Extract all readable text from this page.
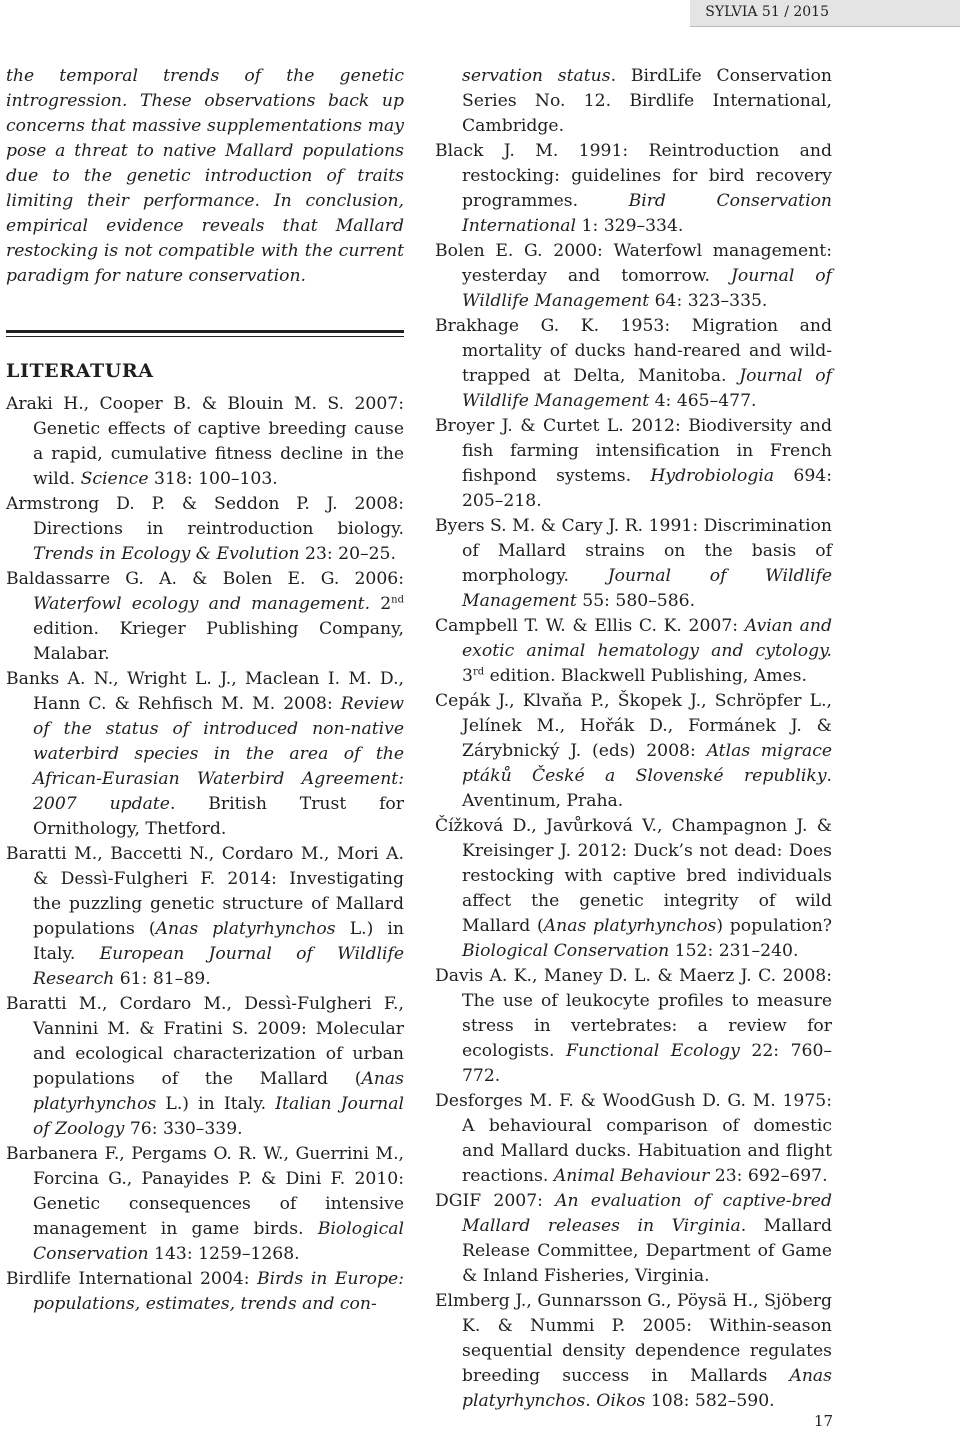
SYLVIA 51 / 2015

the temporal trends of the genetic introgression. These observations back up concerns that massive supplementations may pose a threat to native Mallard populations due to the genetic introduction of traits limiting their performance. In conclusion, empirical evidence reveals that Mallard restocking is not compatible with the current paradigm for nature conservation.

LITERATURA

Araki H., Cooper B. & Blouin M. S. 2007: Genetic effects of captive breeding cause a rapid, cumulative fitness decline in the wild. Science 318: 100–103.

Armstrong D. P. & Seddon P. J. 2008: Directions in reintroduction biology. Trends in Ecology & Evolution 23: 20–25.

Baldassarre G. A. & Bolen E. G. 2006: Waterfowl ecology and management. 2nd edition. Krieger Publishing Company, Malabar.

Banks A. N., Wright L. J., Maclean I. M. D., Hann C. & Rehfisch M. M. 2008: Review of the status of introduced non-native waterbird species in the area of the African-Eurasian Waterbird Agreement: 2007 update. British Trust for Ornithology, Thetford.

Baratti M., Baccetti N., Cordaro M., Mori A. & Dessì-Fulgheri F. 2014: Investigating the puzzling genetic structure of Mallard populations (Anas platyrhynchos L.) in Italy. European Journal of Wildlife Research 61: 81–89.

Baratti M., Cordaro M., Dessì-Fulgheri F., Vannini M. & Fratini S. 2009: Molecular and ecological characterization of urban populations of the Mallard (Anas platyrhynchos L.) in Italy. Italian Journal of Zoology 76: 330–339.

Barbanera F., Pergams O. R. W., Guerrini M., Forcina G., Panayides P. & Dini F. 2010: Genetic consequences of intensive management in game birds. Biological Conservation 143: 1259–1268.

Birdlife International 2004: Birds in Europe: populations, estimates, trends and con-

servation status. BirdLife Conservation Series No. 12. Birdlife International, Cambridge.

Black J. M. 1991: Reintroduction and restocking: guidelines for bird recovery programmes. Bird Conservation International 1: 329–334.

Bolen E. G. 2000: Waterfowl management: yesterday and tomorrow. Journal of Wildlife Management 64: 323–335.

Brakhage G. K. 1953: Migration and mortality of ducks hand-reared and wild-trapped at Delta, Manitoba. Journal of Wildlife Management 4: 465–477.

Broyer J. & Curtet L. 2012: Biodiversity and fish farming intensification in French fishpond systems. Hydrobiologia 694: 205–218.

Byers S. M. & Cary J. R. 1991: Discrimination of Mallard strains on the basis of morphology. Journal of Wildlife Management 55: 580–586.

Campbell T. W. & Ellis C. K. 2007: Avian and exotic animal hematology and cytology. 3rd edition. Blackwell Publishing, Ames.

Cepák J., Klvaňa P., Škopek J., Schröpfer L., Jelínek M., Hořák D., Formánek J. & Zárybnický J. (eds) 2008: Atlas migrace ptáků České a Slovenské republiky. Aventinum, Praha.

Čížková D., Javůrková V., Champagnon J. & Kreisinger J. 2012: Duck’s not dead: Does restocking with captive bred individuals affect the genetic integrity of wild Mallard (Anas platyrhynchos) population? Biological Conservation 152: 231–240.

Davis A. K., Maney D. L. & Maerz J. C. 2008: The use of leukocyte profiles to measure stress in vertebrates: a review for ecologists. Functional Ecology 22: 760–772.

Desforges M. F. & WoodGush D. G. M. 1975: A behavioural comparison of domestic and Mallard ducks. Habituation and flight reactions. Animal Behaviour 23: 692–697.

DGIF 2007: An evaluation of captive-bred Mallard releases in Virginia. Mallard Release Committee, Department of Game & Inland Fisheries, Virginia.

Elmberg J., Gunnarsson G., Pöysä H., Sjöberg K. & Nummi P. 2005: Within-season sequential density dependence regulates breeding success in Mallards Anas platyrhynchos. Oikos 108: 582–590.

17
